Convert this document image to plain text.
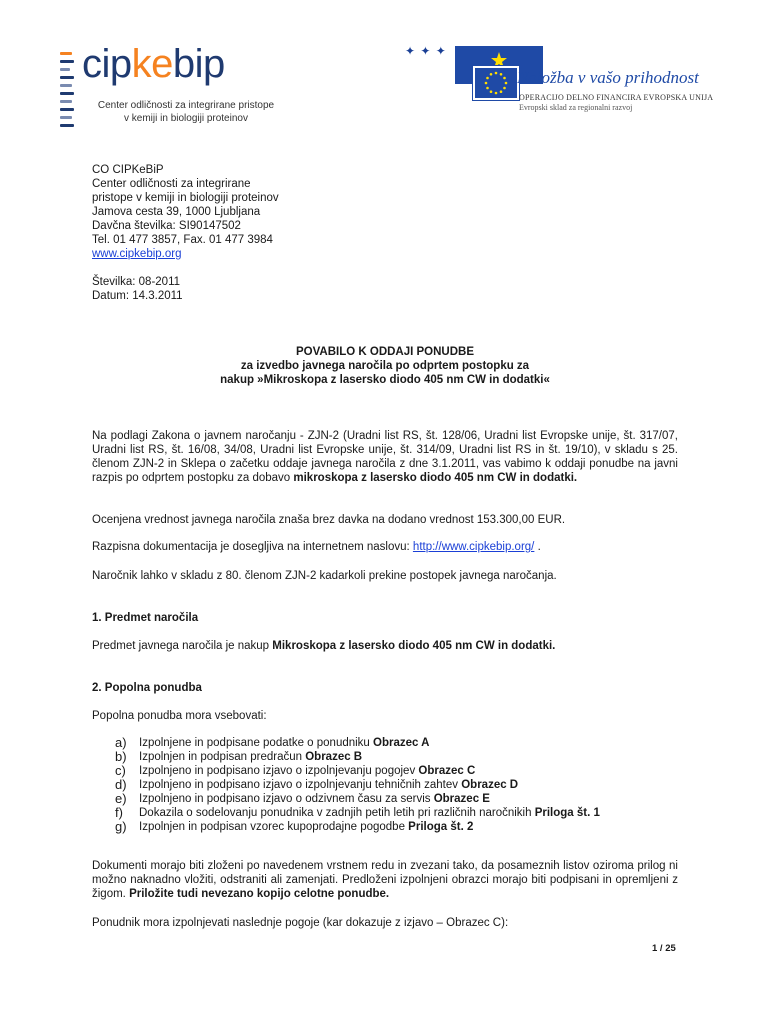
cipkebip
Center odličnosti za integrirane pristope
v kemiji in biologiji proteinov
✦ ✦ ✦
Naložba v vašo prihodnost
OPERACIJO DELNO FINANCIRA EVROPSKA UNIJA
Evropski sklad za regionalni razvoj
CO CIPKeBiP
Center odličnosti za integrirane
pristope v kemiji in biologiji proteinov
Jamova cesta 39, 1000 Ljubljana
Davčna številka: SI90147502
Tel. 01 477 3857, Fax. 01 477 3984
www.cipkebip.org
Številka: 08-2011
Datum: 14.3.2011
POVABILO K ODDAJI PONUDBE
za izvedbo javnega naročila po odprtem postopku za
nakup »Mikroskopa z lasersko diodo 405 nm CW in dodatki«
Na podlagi Zakona o javnem naročanju - ZJN-2 (Uradni list RS, št. 128/06, Uradni list Evropske unije, št. 317/07, Uradni list RS, št. 16/08, 34/08, Uradni list Evropske unije, št. 314/09, Uradni list RS in št. 19/10), v skladu s 25. členom ZJN-2 in Sklepa o začetku oddaje javnega naročila z dne 3.1.2011, vas vabimo k oddaji ponudbe na javni razpis po odprtem postopku za dobavo mikroskopa z lasersko diodo 405 nm CW in dodatki.
Ocenjena vrednost javnega naročila znaša brez davka na dodano vrednost 153.300,00 EUR.
Razpisna dokumentacija je dosegljiva na internetnem naslovu: http://www.cipkebip.org/ .
Naročnik lahko v skladu z 80. členom ZJN-2 kadarkoli prekine postopek javnega naročanja.
1. Predmet naročila
Predmet javnega naročila je nakup Mikroskopa z lasersko diodo 405 nm CW in dodatki.
2. Popolna ponudba
Popolna ponudba mora vsebovati:
a)	Izpolnjene in podpisane podatke o ponudniku Obrazec A
b)	Izpolnjen in podpisan predračun Obrazec B
c)	Izpolnjeno in podpisano izjavo o izpolnjevanju pogojev Obrazec C
d)	Izpolnjeno in podpisano izjavo o izpolnjevanju tehničnih zahtev Obrazec D
e)	Izpolnjeno in podpisano izjavo o odzivnem času za servis Obrazec E
f)	Dokazila o sodelovanju ponudnika v zadnjih petih letih pri različnih naročnikih Priloga št. 1
g)	Izpolnjen in podpisan vzorec kupoprodajne pogodbe Priloga št. 2
Dokumenti morajo biti zloženi po navedenem vrstnem redu in zvezani tako, da posameznih listov oziroma prilog ni možno naknadno vložiti, odstraniti ali zamenjati. Predloženi izpolnjeni obrazci morajo biti podpisani in opremljeni z žigom. Priložite tudi nevezano kopijo celotne ponudbe.
Ponudnik mora izpolnjevati naslednje pogoje (kar dokazuje z izjavo – Obrazec C):
1 / 25
